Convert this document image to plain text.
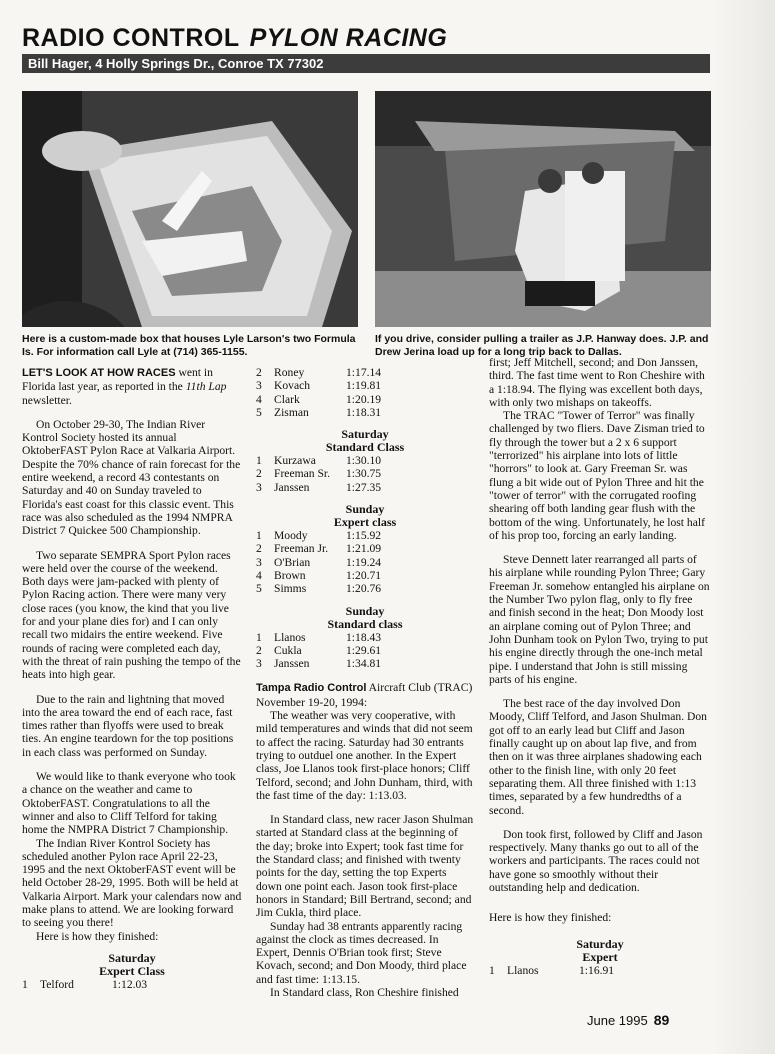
RADIO CONTROL PYLON RACING
Bill Hager, 4 Holly Springs Dr., Conroe TX 77302
Here is a custom-made box that houses Lyle Larson's two Formula Is. For information call Lyle at (714) 365-1155.
If you drive, consider pulling a trailer as J.P. Hanway does. J.P. and Drew Jerina load up for a long trip back to Dallas.

LET'S LOOK AT HOW RACES went in Florida last year, as reported in the 11th Lap newsletter.

On October 29-30, The Indian River Kontrol Society hosted its annual OktoberFAST Pylon Race at Valkaria Airport. Despite the 70% chance of rain forecast for the entire weekend, a record 43 contestants on Saturday and 40 on Sunday traveled to Florida's east coast for this classic event. This race was also scheduled as the 1994 NMPRA District 7 Quickee 500 Championship.

Two separate SEMPRA Sport Pylon races were held over the course of the weekend. Both days were jam-packed with plenty of Pylon Racing action. There were many very close races (you know, the kind that you live for and your plane dies for) and I can only recall two midairs the entire weekend. Five rounds of racing were completed each day, with the threat of rain pushing the tempo of the heats into high gear.

Due to the rain and lightning that moved into the area toward the end of each race, fast times rather than flyoffs were used to break ties. An engine teardown for the top positions in each class was performed on Sunday.

We would like to thank everyone who took a chance on the weather and came to OktoberFAST. Congratulations to all the winner and also to Cliff Telford for taking home the NMPRA District 7 Championship.

The Indian River Kontrol Society has scheduled another Pylon race April 22-23, 1995 and the next OktoberFAST event will be held October 28-29, 1995. Both will be held at Valkaria Airport. Mark your calendars now and make plans to attend. We are looking forward to seeing you there!

Here is how they finished:

Saturday
Expert Class
1	Telford	1:12.03
2	Roney	1:17.14
3	Kovach	1:19.81
4	Clark	1:20.19
5	Zisman	1:18.31
Saturday
Standard Class
1	Kurzawa	1:30.10
2	Freeman Sr.	1:30.75
3	Janssen	1:27.35
Sunday
Expert class
1	Moody	1:15.92
2	Freeman Jr.	1:21.09
3	O'Brian	1:19.24
4	Brown	1:20.71
5	Simms	1:20.76
Sunday
Standard class
1	Llanos	1:18.43
2	Cukla	1:29.61
3	Janssen	1:34.81

Tampa Radio Control Aircraft Club (TRAC) November 19-20, 1994:

The weather was very cooperative, with mild temperatures and winds that did not seem to affect the racing. Saturday had 30 entrants trying to outduel one another. In the Expert class, Joe Llanos took first-place honors; Cliff Telford, second; and John Dunham, third, with the fast time of the day: 1:13.03.

In Standard class, new racer Jason Shulman started at Standard class at the beginning of the day; broke into Expert; took fast time for the Standard class; and finished with twenty points for the day, setting the top Experts down one point each. Jason took first-place honors in Standard; Bill Bertrand, second; and Jim Cukla, third place.

Sunday had 38 entrants apparently racing against the clock as times decreased. In Expert, Dennis O'Brian took first; Steve Kovach, second; and Don Moody, third place and fast time: 1:13.15.

In Standard class, Ron Cheshire finished

first; Jeff Mitchell, second; and Don Janssen, third. The fast time went to Ron Cheshire with a 1:18.94. The flying was excellent both days, with only two mishaps on takeoffs.

The TRAC "Tower of Terror" was finally challenged by two fliers. Dave Zisman tried to fly through the tower but a 2 x 6 support "terrorized" his airplane into lots of little "horrors" to look at. Gary Freeman Sr. was flung a bit wide out of Pylon Three and hit the "tower of terror" with the corrugated roofing shearing off both landing gear flush with the bottom of the wing. Unfortunately, he lost half of his prop too, forcing an early landing.

Steve Dennett later rearranged all parts of his airplane while rounding Pylon Three; Gary Freeman Jr. somehow entangled his airplane on the Number Two pylon flag, only to fly free and finish second in the heat; Don Moody lost an airplane coming out of Pylon Three; and John Dunham took on Pylon Two, trying to put his engine directly through the one-inch metal pipe. I understand that John is still missing parts of his engine.

The best race of the day involved Don Moody, Cliff Telford, and Jason Shulman. Don got off to an early lead but Cliff and Jason finally caught up on about lap five, and from then on it was three airplanes shadowing each other to the finish line, with only 20 feet separating them. All three finished with 1:13 times, separated by a few hundredths of a second.

Don took first, followed by Cliff and Jason respectively. Many thanks go out to all of the workers and participants. The races could not have gone so smoothly without their outstanding help and dedication.

Here is how they finished:

Saturday
Expert
1	Llanos	1:16.91
June 1995 89
